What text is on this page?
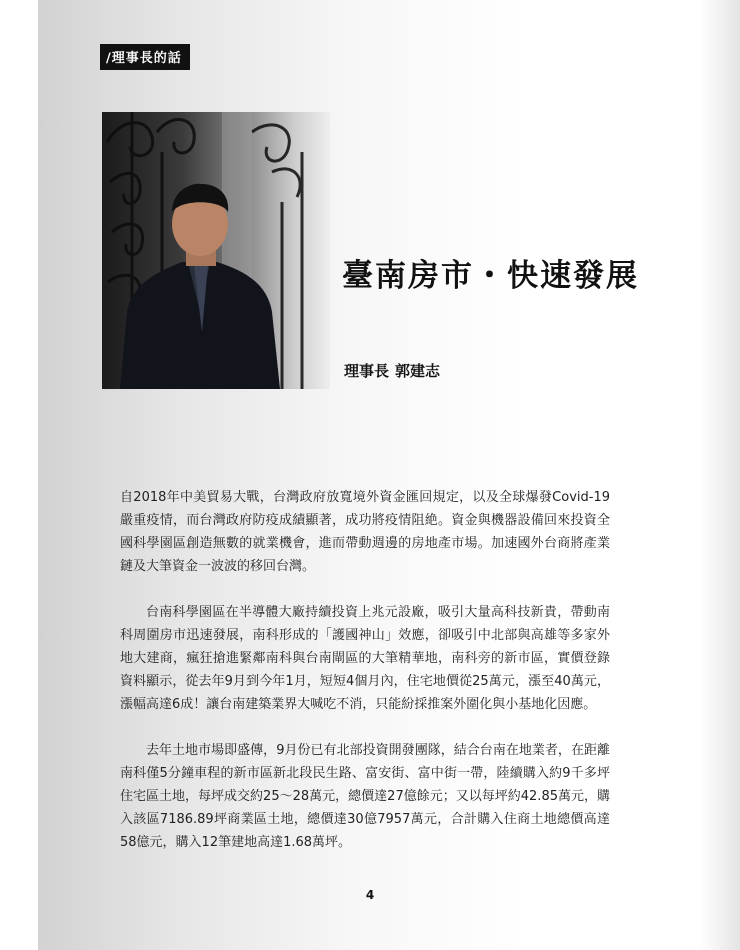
/理事長的話
臺南房市・快速發展
理事長 郭建志

自2018年中美貿易大戰，台灣政府放寬境外資金匯回規定，以及全球爆發Covid-19嚴重疫情，而台灣政府防疫成績顯著，成功將疫情阻絶。資金與機器設備回來投資全國科學園區創造無數的就業機會，進而帶動週邊的房地產市場。加速國外台商將產業鏈及大筆資金一波波的移回台灣。

台南科學園區在半導體大廠持續投資上兆元設廠，吸引大量高科技新貴，帶動南科周圍房市迅速發展，南科形成的「護國神山」效應，卻吸引中北部與高雄等多家外地大建商，瘋狂搶進緊鄰南科與台南閘區的大筆精華地，南科旁的新市區，實價登錄資料顯示，從去年9月到今年1月，短短4個月內，住宅地價從25萬元，漲至40萬元，漲幅高達6成！讓台南建築業界大喊吃不消，只能紛採推案外圍化與小基地化因應。

去年土地市場即盛傳，9月份已有北部投資開發團隊，結合台南在地業者，在距離南科僅5分鐘車程的新市區新北段民生路、富安街、富中街一帶，陸續購入約9千多坪住宅區土地，每坪成交約25～28萬元，總價達27億餘元；又以每坪約42.85萬元，購入該區7186.89坪商業區土地，總價達30億7957萬元，合計購入住商土地總價高達58億元，購入12筆建地高達1.68萬坪。

4
